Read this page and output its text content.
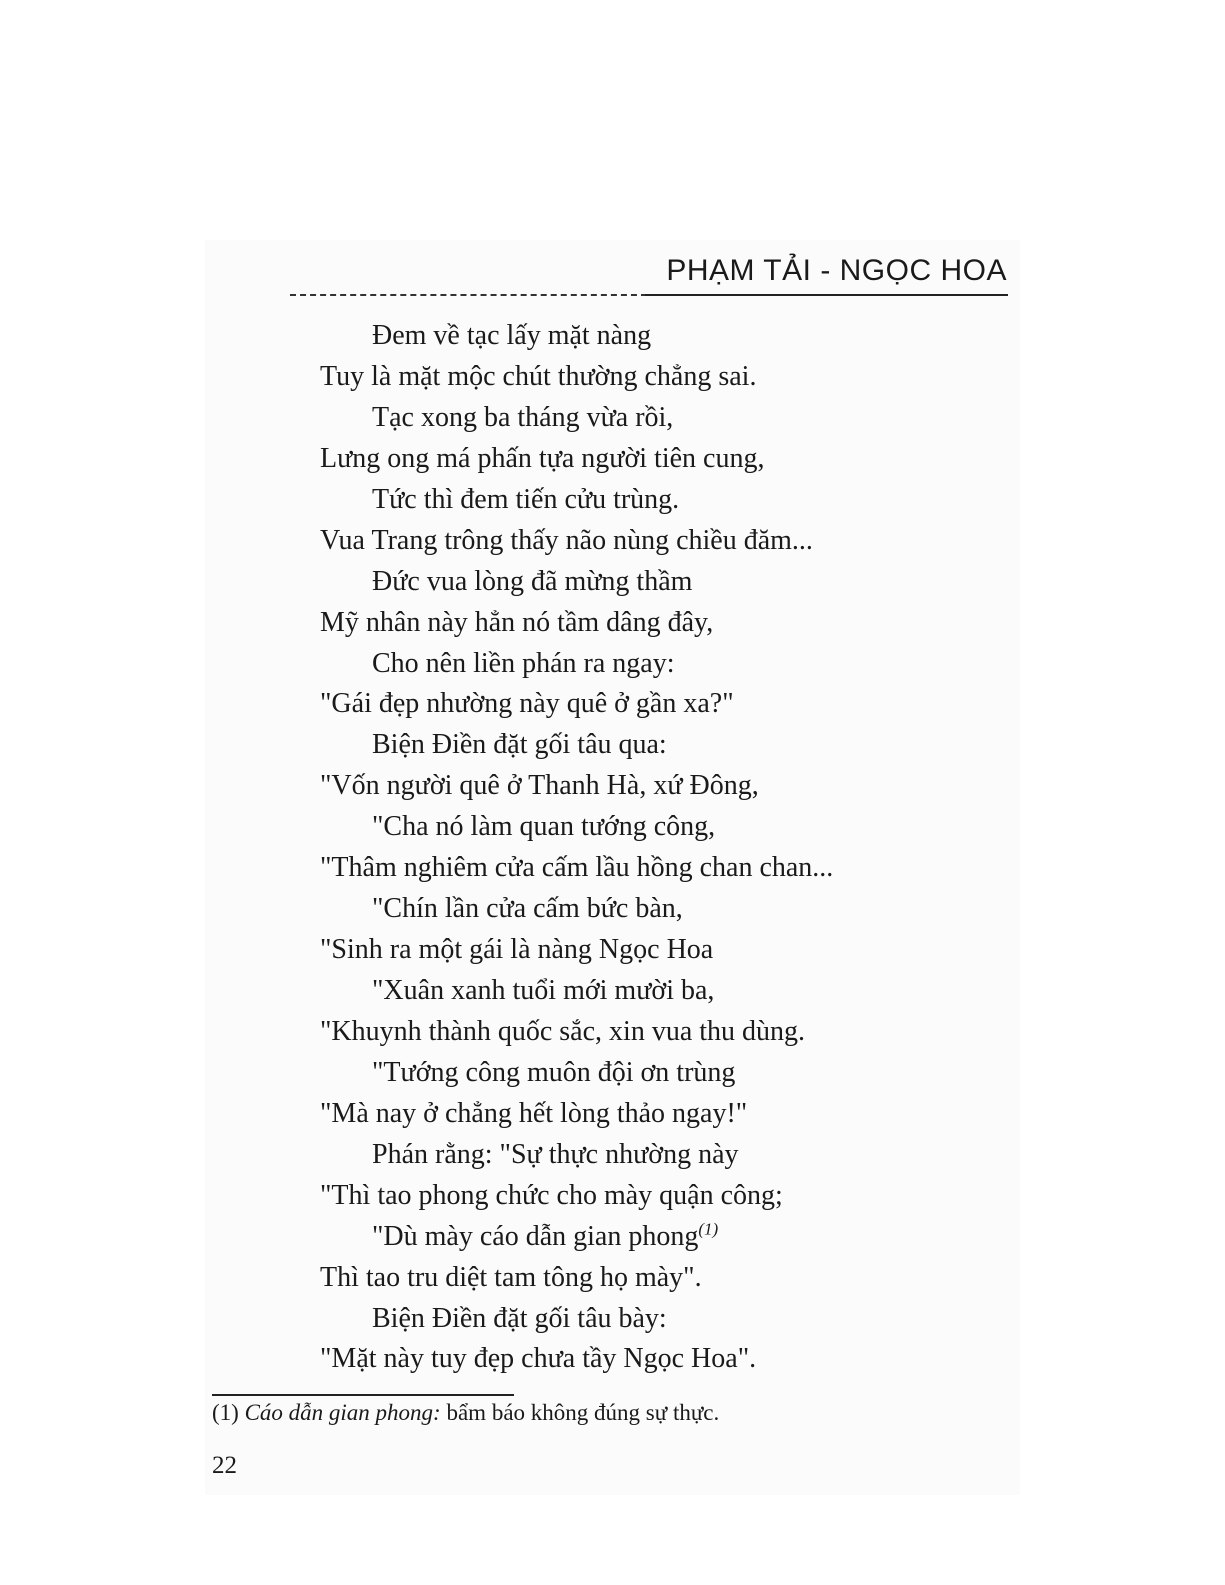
PHẠM TẢI - NGỌC HOA
Đem về tạc lấy mặt nàng
Tuy là mặt mộc chút thường chẳng sai.
Tạc xong ba tháng vừa rồi,
Lưng ong má phấn tựa người tiên cung,
Tức thì đem tiến cửu trùng.
Vua Trang trông thấy não nùng chiều đăm...
Đức vua lòng đã mừng thầm
Mỹ nhân này hẳn nó tầm dâng đây,
Cho nên liền phán ra ngay:
"Gái đẹp nhường này quê ở gần xa?"
Biện Điền đặt gối tâu qua:
"Vốn người quê ở Thanh Hà, xứ Đông,
"Cha nó làm quan tướng công,
"Thâm nghiêm cửa cấm lầu hồng chan chan...
"Chín lần cửa cấm bức bàn,
"Sinh ra một gái là nàng Ngọc Hoa
"Xuân xanh tuổi mới mười ba,
"Khuynh thành quốc sắc, xin vua thu dùng.
"Tướng công muôn đội ơn trùng
"Mà nay ở chẳng hết lòng thảo ngay!"
Phán rằng: "Sự thực nhường này
"Thì tao phong chức cho mày quận công;
"Dù mày cáo dẫn gian phong$^{(1)}$
Thì tao tru diệt tam tông họ mày".
Biện Điền đặt gối tâu bày:
"Mặt này tuy đẹp chưa tầy Ngọc Hoa".
(1) Cáo dẫn gian phong: bẩm báo không đúng sự thực.
22
